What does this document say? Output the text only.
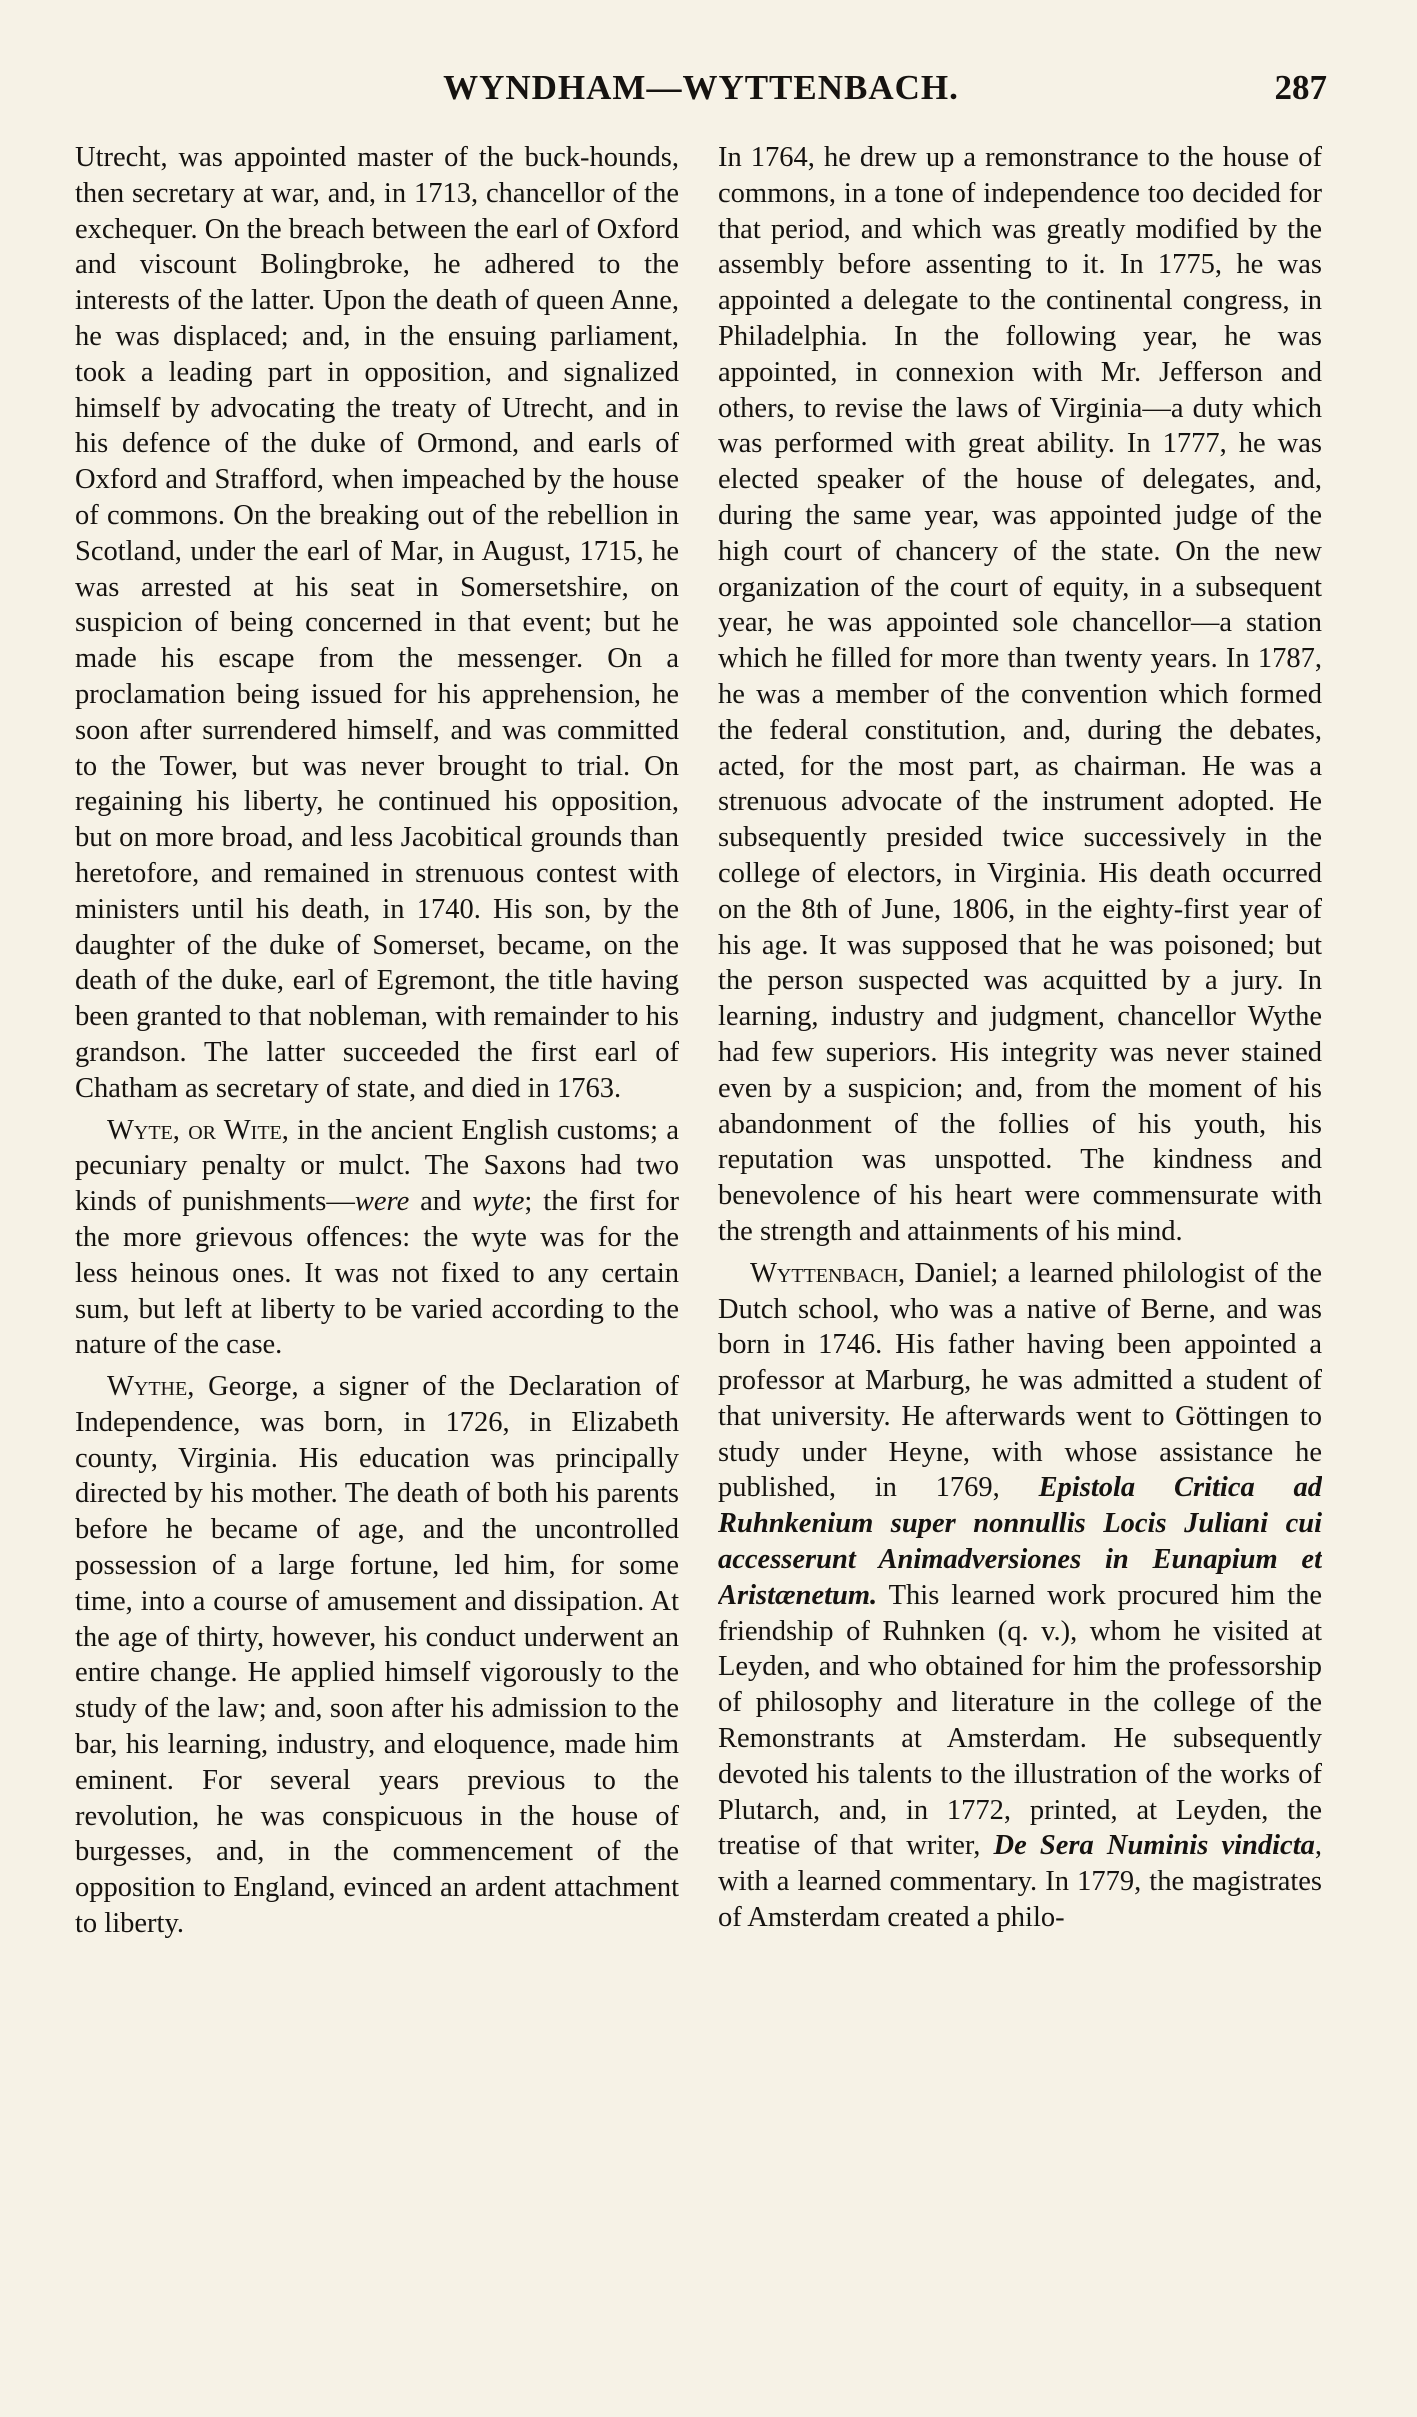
WYNDHAM—WYTTENBACH.	287

Utrecht, was appointed master of the buck-hounds, then secretary at war, and, in 1713, chancellor of the exchequer. On the breach between the earl of Oxford and viscount Bolingbroke, he adhered to the interests of the latter. Upon the death of queen Anne, he was displaced; and, in the ensuing parliament, took a leading part in opposition, and signalized himself by advocating the treaty of Utrecht, and in his defence of the duke of Ormond, and earls of Oxford and Strafford, when impeached by the house of commons. On the breaking out of the rebellion in Scotland, under the earl of Mar, in August, 1715, he was arrested at his seat in Somersetshire, on suspicion of being concerned in that event; but he made his escape from the messenger. On a proclamation being issued for his apprehension, he soon after surrendered himself, and was committed to the Tower, but was never brought to trial. On regaining his liberty, he continued his opposition, but on more broad, and less Jacobitical grounds than heretofore, and remained in strenuous contest with ministers until his death, in 1740. His son, by the daughter of the duke of Somerset, became, on the death of the duke, earl of Egremont, the title having been granted to that nobleman, with remainder to his grandson. The latter succeeded the first earl of Chatham as secretary of state, and died in 1763.

Wyte, or Wite, in the ancient English customs; a pecuniary penalty or mulct. The Saxons had two kinds of punishments—were and wyte; the first for the more grievous offences: the wyte was for the less heinous ones. It was not fixed to any certain sum, but left at liberty to be varied according to the nature of the case.

Wythe, George, a signer of the Declaration of Independence, was born, in 1726, in Elizabeth county, Virginia. His education was principally directed by his mother. The death of both his parents before he became of age, and the uncontrolled possession of a large fortune, led him, for some time, into a course of amusement and dissipation. At the age of thirty, however, his conduct underwent an entire change. He applied himself vigorously to the study of the law; and, soon after his admission to the bar, his learning, industry, and eloquence, made him eminent. For several years previous to the revolution, he was conspicuous in the house of burgesses, and, in the commencement of the opposition to England, evinced an ardent attachment to liberty.

In 1764, he drew up a remonstrance to the house of commons, in a tone of independence too decided for that period, and which was greatly modified by the assembly before assenting to it. In 1775, he was appointed a delegate to the continental congress, in Philadelphia. In the following year, he was appointed, in connexion with Mr. Jefferson and others, to revise the laws of Virginia—a duty which was performed with great ability. In 1777, he was elected speaker of the house of delegates, and, during the same year, was appointed judge of the high court of chancery of the state. On the new organization of the court of equity, in a subsequent year, he was appointed sole chancellor—a station which he filled for more than twenty years. In 1787, he was a member of the convention which formed the federal constitution, and, during the debates, acted, for the most part, as chairman. He was a strenuous advocate of the instrument adopted. He subsequently presided twice successively in the college of electors, in Virginia. His death occurred on the 8th of June, 1806, in the eighty-first year of his age. It was supposed that he was poisoned; but the person suspected was acquitted by a jury. In learning, industry and judgment, chancellor Wythe had few superiors. His integrity was never stained even by a suspicion; and, from the moment of his abandonment of the follies of his youth, his reputation was unspotted. The kindness and benevolence of his heart were commensurate with the strength and attainments of his mind.

Wyttenbach, Daniel; a learned philologist of the Dutch school, who was a native of Berne, and was born in 1746. His father having been appointed a professor at Marburg, he was admitted a student of that university. He afterwards went to Göttingen to study under Heyne, with whose assistance he published, in 1769, Epistola Critica ad Ruhnkenium super nonnullis Locis Juliani cui accesserunt Animadversiones in Eunapium et Aristænetum. This learned work procured him the friendship of Ruhnken (q. v.), whom he visited at Leyden, and who obtained for him the professorship of philosophy and literature in the college of the Remonstrants at Amsterdam. He subsequently devoted his talents to the illustration of the works of Plutarch, and, in 1772, printed, at Leyden, the treatise of that writer, De Sera Numinis vindicta, with a learned commentary. In 1779, the magistrates of Amsterdam created a philo-
